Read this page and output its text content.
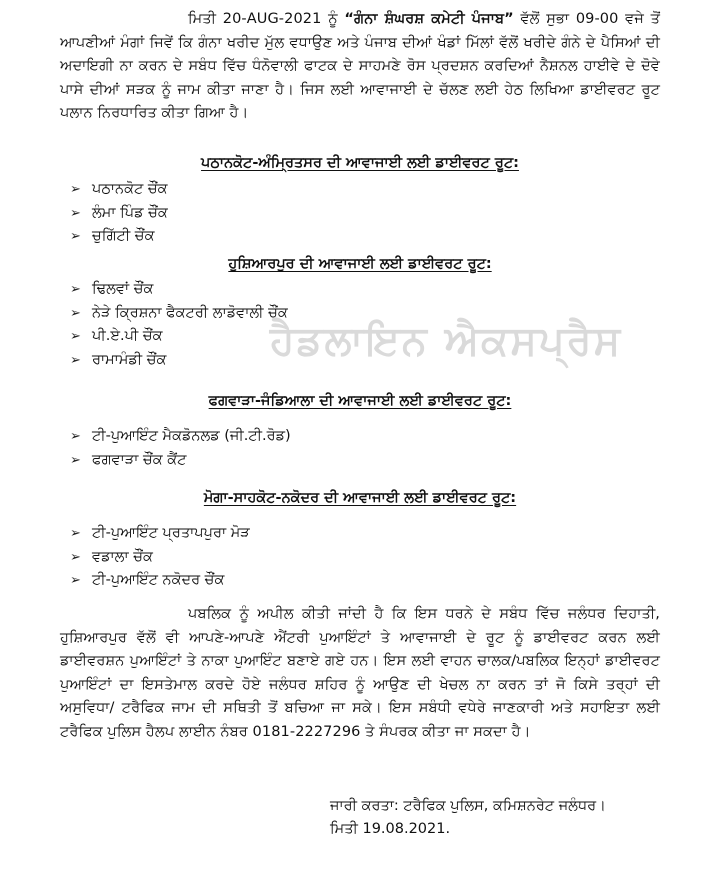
ਮਿਤੀ 20-AUG-2021 ਨੂੰ “ਗੰਨਾ ਸ਼ੰਘਰਸ਼ ਕਮੇਟੀ ਪੰਜਾਬ” ਵੱਲੋਂ ਸੁਭਾ 09-00 ਵਜੇ ਤੋਂ ਆਪਣੀਆਂ ਮੰਗਾਂ ਜਿਵੇਂ ਕਿ ਗੰਨਾ ਖਰੀਦ ਮੁੱਲ ਵਧਾਉਣ ਅਤੇ ਪੰਜਾਬ ਦੀਆਂ ਖੰਡਾਂ ਮਿੱਲਾਂ ਵੱਲੋਂ ਖਰੀਦੇ ਗੰਨੇ ਦੇ ਪੈਸਿਆਂ ਦੀ ਅਦਾਇਗੀ ਨਾ ਕਰਨ ਦੇ ਸਬੰਧ ਵਿੱਚ ਧੰਨੋਵਾਲੀ ਫਾਟਕ ਦੇ ਸਾਹਮਣੇ ਰੋਸ ਪ੍ਰਦਸ਼ਨ ਕਰਦਿਆਂ ਨੈਸ਼ਨਲ ਹਾਈਵੇ ਦੇ ਦੋਵੇ ਪਾਸੇ ਦੀਆਂ ਸੜਕ ਨੂੰ ਜਾਮ ਕੀਤਾ ਜਾਣਾ ਹੈ। ਜਿਸ ਲਈ ਆਵਾਜਾਈ ਦੇ ਚੱਲਣ ਲਈ ਹੇਠ ਲਿਖਿਆ ਡਾਈਵਰਟ ਰੂਟ ਪਲਾਨ ਨਿਰਧਾਰਿਤ ਕੀਤਾ ਗਿਆ ਹੈ।

ਪਠਾਨਕੋਟ-ਅੰਮ੍ਰਿਤਸਰ ਦੀ ਆਵਾਜਾਈ ਲਈ ਡਾਈਵਰਟ ਰੂਟ:
➢ ਪਠਾਨਕੋਟ ਚੌਂਕ
➢ ਲੰਮਾ ਪਿੰਡ ਚੌਂਕ
➢ ਚੁਗਿੱਟੀ ਚੌਂਕ
ਹੁਸ਼ਿਆਰਪੁਰ ਦੀ ਆਵਾਜਾਈ ਲਈ ਡਾਈਵਰਟ ਰੂਟ:
➢ ਢਿਲਵਾਂ ਚੌਂਕ
➢ ਨੇੜੇ ਕ੍ਰਿਸ਼ਨਾ ਫੈਕਟਰੀ ਲਾਡੋਵਾਲੀ ਚੌਂਕ
➢ ਪੀ.ਏ.ਪੀ ਚੌਂਕ
➢ ਰਾਮਾਮੰਡੀ ਚੌਂਕ	ਹੈਡਲਾਇਨ ਐਕਸਪ੍ਰੈਸ
ਫਗਵਾੜਾ-ਜੰਡਿਆਲਾ ਦੀ ਆਵਾਜਾਈ ਲਈ ਡਾਈਵਰਟ ਰੂਟ:
➢ ਟੀ-ਪੁਆਇੰਟ ਮੈਕਡੋਨਲਡ (ਜੀ.ਟੀ.ਰੋਡ)
➢ ਫਗਵਾੜਾ ਚੌਂਕ ਕੈਂਟ
ਮੋਗਾ-ਸਾਹਕੋਟ-ਨਕੋਦਰ ਦੀ ਆਵਾਜਾਈ ਲਈ ਡਾਈਵਰਟ ਰੂਟ:
➢ ਟੀ-ਪੁਆਇੰਟ ਪ੍ਰਤਾਪਪੁਰਾ ਮੋੜ
➢ ਵਡਾਲਾ ਚੌਂਕ
➢ ਟੀ-ਪੁਆਇੰਟ ਨਕੋਦਰ ਚੌਂਕ

ਪਬਲਿਕ ਨੂੰ ਅਪੀਲ ਕੀਤੀ ਜਾਂਦੀ ਹੈ ਕਿ ਇਸ ਧਰਨੇ ਦੇ ਸਬੰਧ ਵਿੱਚ ਜਲੰਧਰ ਦਿਹਾਤੀ, ਹੁਸ਼ਿਆਰਪੁਰ ਵੱਲੋਂ ਵੀ ਆਪਣੇ-ਆਪਣੇ ਐਂਟਰੀ ਪੁਆਇੰਟਾਂ ਤੇ ਆਵਾਜਾਈ ਦੇ ਰੂਟ ਨੂੰ ਡਾਈਵਰਟ ਕਰਨ ਲਈ ਡਾਈਵਰਸ਼ਨ ਪੁਆਇੰਟਾਂ ਤੇ ਨਾਕਾ ਪੁਆਇੰਟ ਬਣਾਏ ਗਏ ਹਨ। ਇਸ ਲਈ ਵਾਹਨ ਚਾਲਕ/ਪਬਲਿਕ ਇਨ੍ਹਾਂ ਡਾਈਵਰਟ ਪੁਆਇੰਟਾਂ ਦਾ ਇਸਤੇਮਾਲ ਕਰਦੇ ਹੋਏ ਜਲੰਧਰ ਸ਼ਹਿਰ ਨੂੰ ਆਉਣ ਦੀ ਖੇਚਲ ਨਾ ਕਰਨ ਤਾਂ ਜੋ ਕਿਸੇ ਤਰ੍ਹਾਂ ਦੀ ਅਸੁਵਿਧਾ/ ਟਰੈਫਿਕ ਜਾਮ ਦੀ ਸਥਿਤੀ ਤੋਂ ਬਚਿਆ ਜਾ ਸਕੇ। ਇਸ ਸਬੰਧੀ ਵਧੇਰੇ ਜਾਣਕਾਰੀ ਅਤੇ ਸਹਾਇਤਾ ਲਈ ਟਰੈਫਿਕ ਪੁਲਿਸ ਹੈਲਪ ਲਾਈਨ ਨੰਬਰ 0181-2227296 ਤੇ ਸੰਪਰਕ ਕੀਤਾ ਜਾ ਸਕਦਾ ਹੈ।

ਜਾਰੀ ਕਰਤਾ: ਟਰੈਫਿਕ ਪੁਲਿਸ, ਕਮਿਸ਼ਨਰੇਟ ਜਲੰਧਰ।
ਮਿਤੀ 19.08.2021.
